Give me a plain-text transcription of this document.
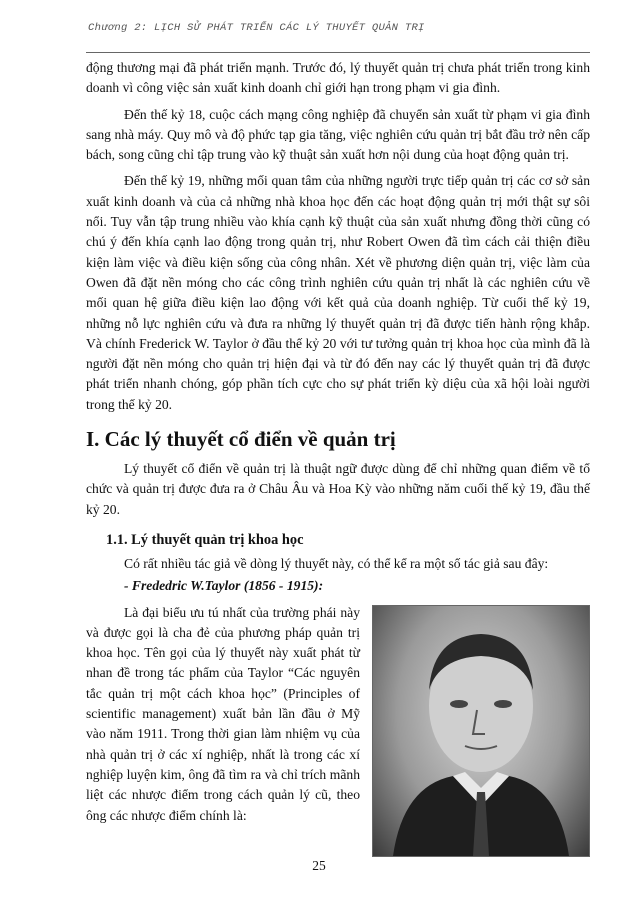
Chương 2: LỊCH SỬ PHÁT TRIỂN CÁC LÝ THUYẾT QUẢN TRỊ

động thương mại đã phát triển mạnh. Trước đó, lý thuyết quản trị chưa phát triển trong kinh doanh vì công việc sản xuất kinh doanh chỉ giới hạn trong phạm vi gia đình.

Đến thế kỷ 18, cuộc cách mạng công nghiệp đã chuyển sản xuất từ phạm vi gia đình sang nhà máy. Quy mô và độ phức tạp gia tăng, việc nghiên cứu quản trị bắt đầu trở nên cấp bách, song cũng chỉ tập trung vào kỹ thuật sản xuất hơn nội dung của hoạt động quản trị.

Đến thế kỷ 19, những mối quan tâm của những người trực tiếp quản trị các cơ sở sản xuất kinh doanh và của cả những nhà khoa học đến các hoạt động quản trị mới thật sự sôi nổi. Tuy vẫn tập trung nhiều vào khía cạnh kỹ thuật của sản xuất nhưng đồng thời cũng có chú ý đến khía cạnh lao động trong quản trị, như Robert Owen đã tìm cách cải thiện điều kiện làm việc và điều kiện sống của công nhân. Xét về phương diện quản trị, việc làm của Owen đã đặt nền móng cho các công trình nghiên cứu quản trị nhất là các nghiên cứu về mối quan hệ giữa điều kiện lao động với kết quả của doanh nghiệp. Từ cuối thế kỷ 19, những nỗ lực nghiên cứu và đưa ra những lý thuyết quản trị đã được tiến hành rộng khắp. Và chính Frederick W. Taylor ở đầu thế kỷ 20 với tư tưởng quản trị khoa học của mình đã là người đặt nền móng cho quản trị hiện đại và từ đó đến nay các lý thuyết quản trị đã được phát triển nhanh chóng, góp phần tích cực cho sự phát triển kỳ diệu của xã hội loài người trong thế kỷ 20.

I. Các lý thuyết cổ điển về quản trị

Lý thuyết cổ điển về quản trị là thuật ngữ được dùng để chỉ những quan điểm về tổ chức và quản trị được đưa ra ở Châu Âu và Hoa Kỳ vào những năm cuối thế kỷ 19, đầu thế kỷ 20.

1.1. Lý thuyết quản trị khoa học

Có rất nhiều tác giả về dòng lý thuyết này, có thể kể ra một số tác giả sau đây:

- Frededric W.Taylor (1856 - 1915):

Là đại biểu ưu tú nhất của trường phái này và được gọi là cha đẻ của phương pháp quản trị khoa học. Tên gọi của lý thuyết này xuất phát từ nhan đề trong tác phẩm của Taylor “Các nguyên tắc quản trị một cách khoa học” (Principles of scientific management) xuất bản lần đầu ở Mỹ vào năm 1911. Trong thời gian làm nhiệm vụ của nhà quản trị ở các xí nghiệp, nhất là trong các xí nghiệp luyện kim, ông đã tìm ra và chỉ trích mãnh liệt các nhược điểm trong cách quản lý cũ, theo ông các nhược điểm chính là:

25
